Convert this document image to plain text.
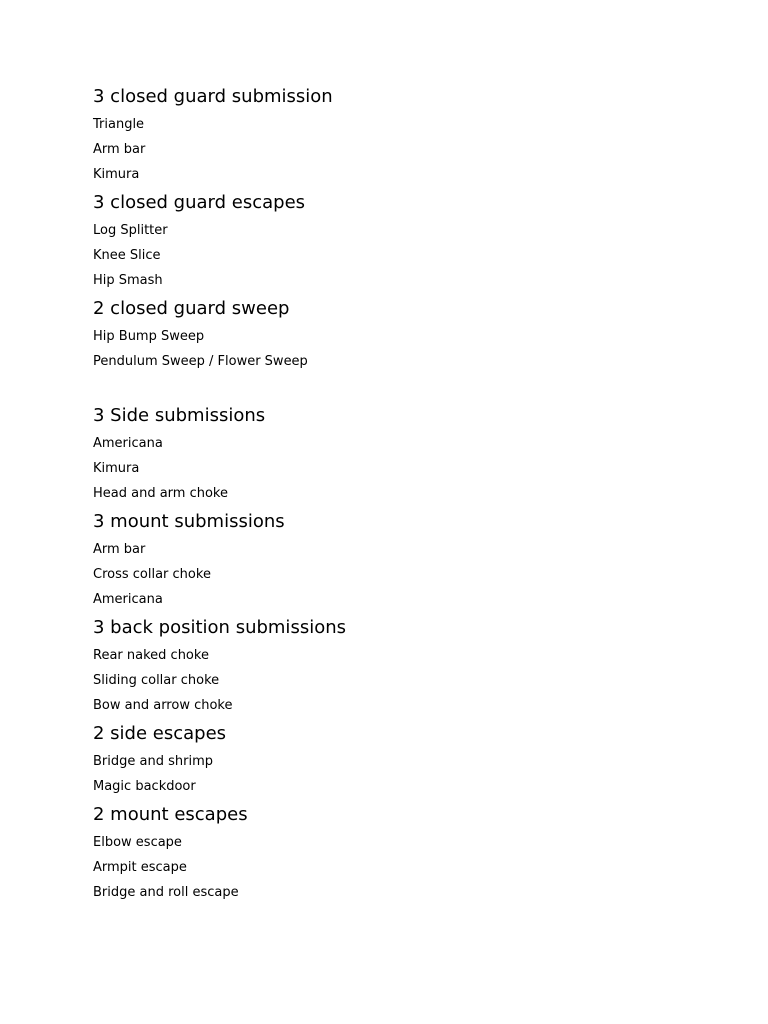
3 closed guard submission
Triangle
Arm bar
Kimura
3 closed guard escapes
Log Splitter
Knee Slice
Hip Smash
2 closed guard sweep
Hip Bump Sweep
Pendulum Sweep / Flower Sweep
3 Side submissions
Americana
Kimura
Head and arm choke
3 mount submissions
Arm bar
Cross collar choke
Americana
3 back position submissions
Rear naked choke
Sliding collar choke
Bow and arrow choke
2 side escapes
Bridge and shrimp
Magic backdoor
2 mount escapes
Elbow escape
Armpit escape
Bridge and roll escape
